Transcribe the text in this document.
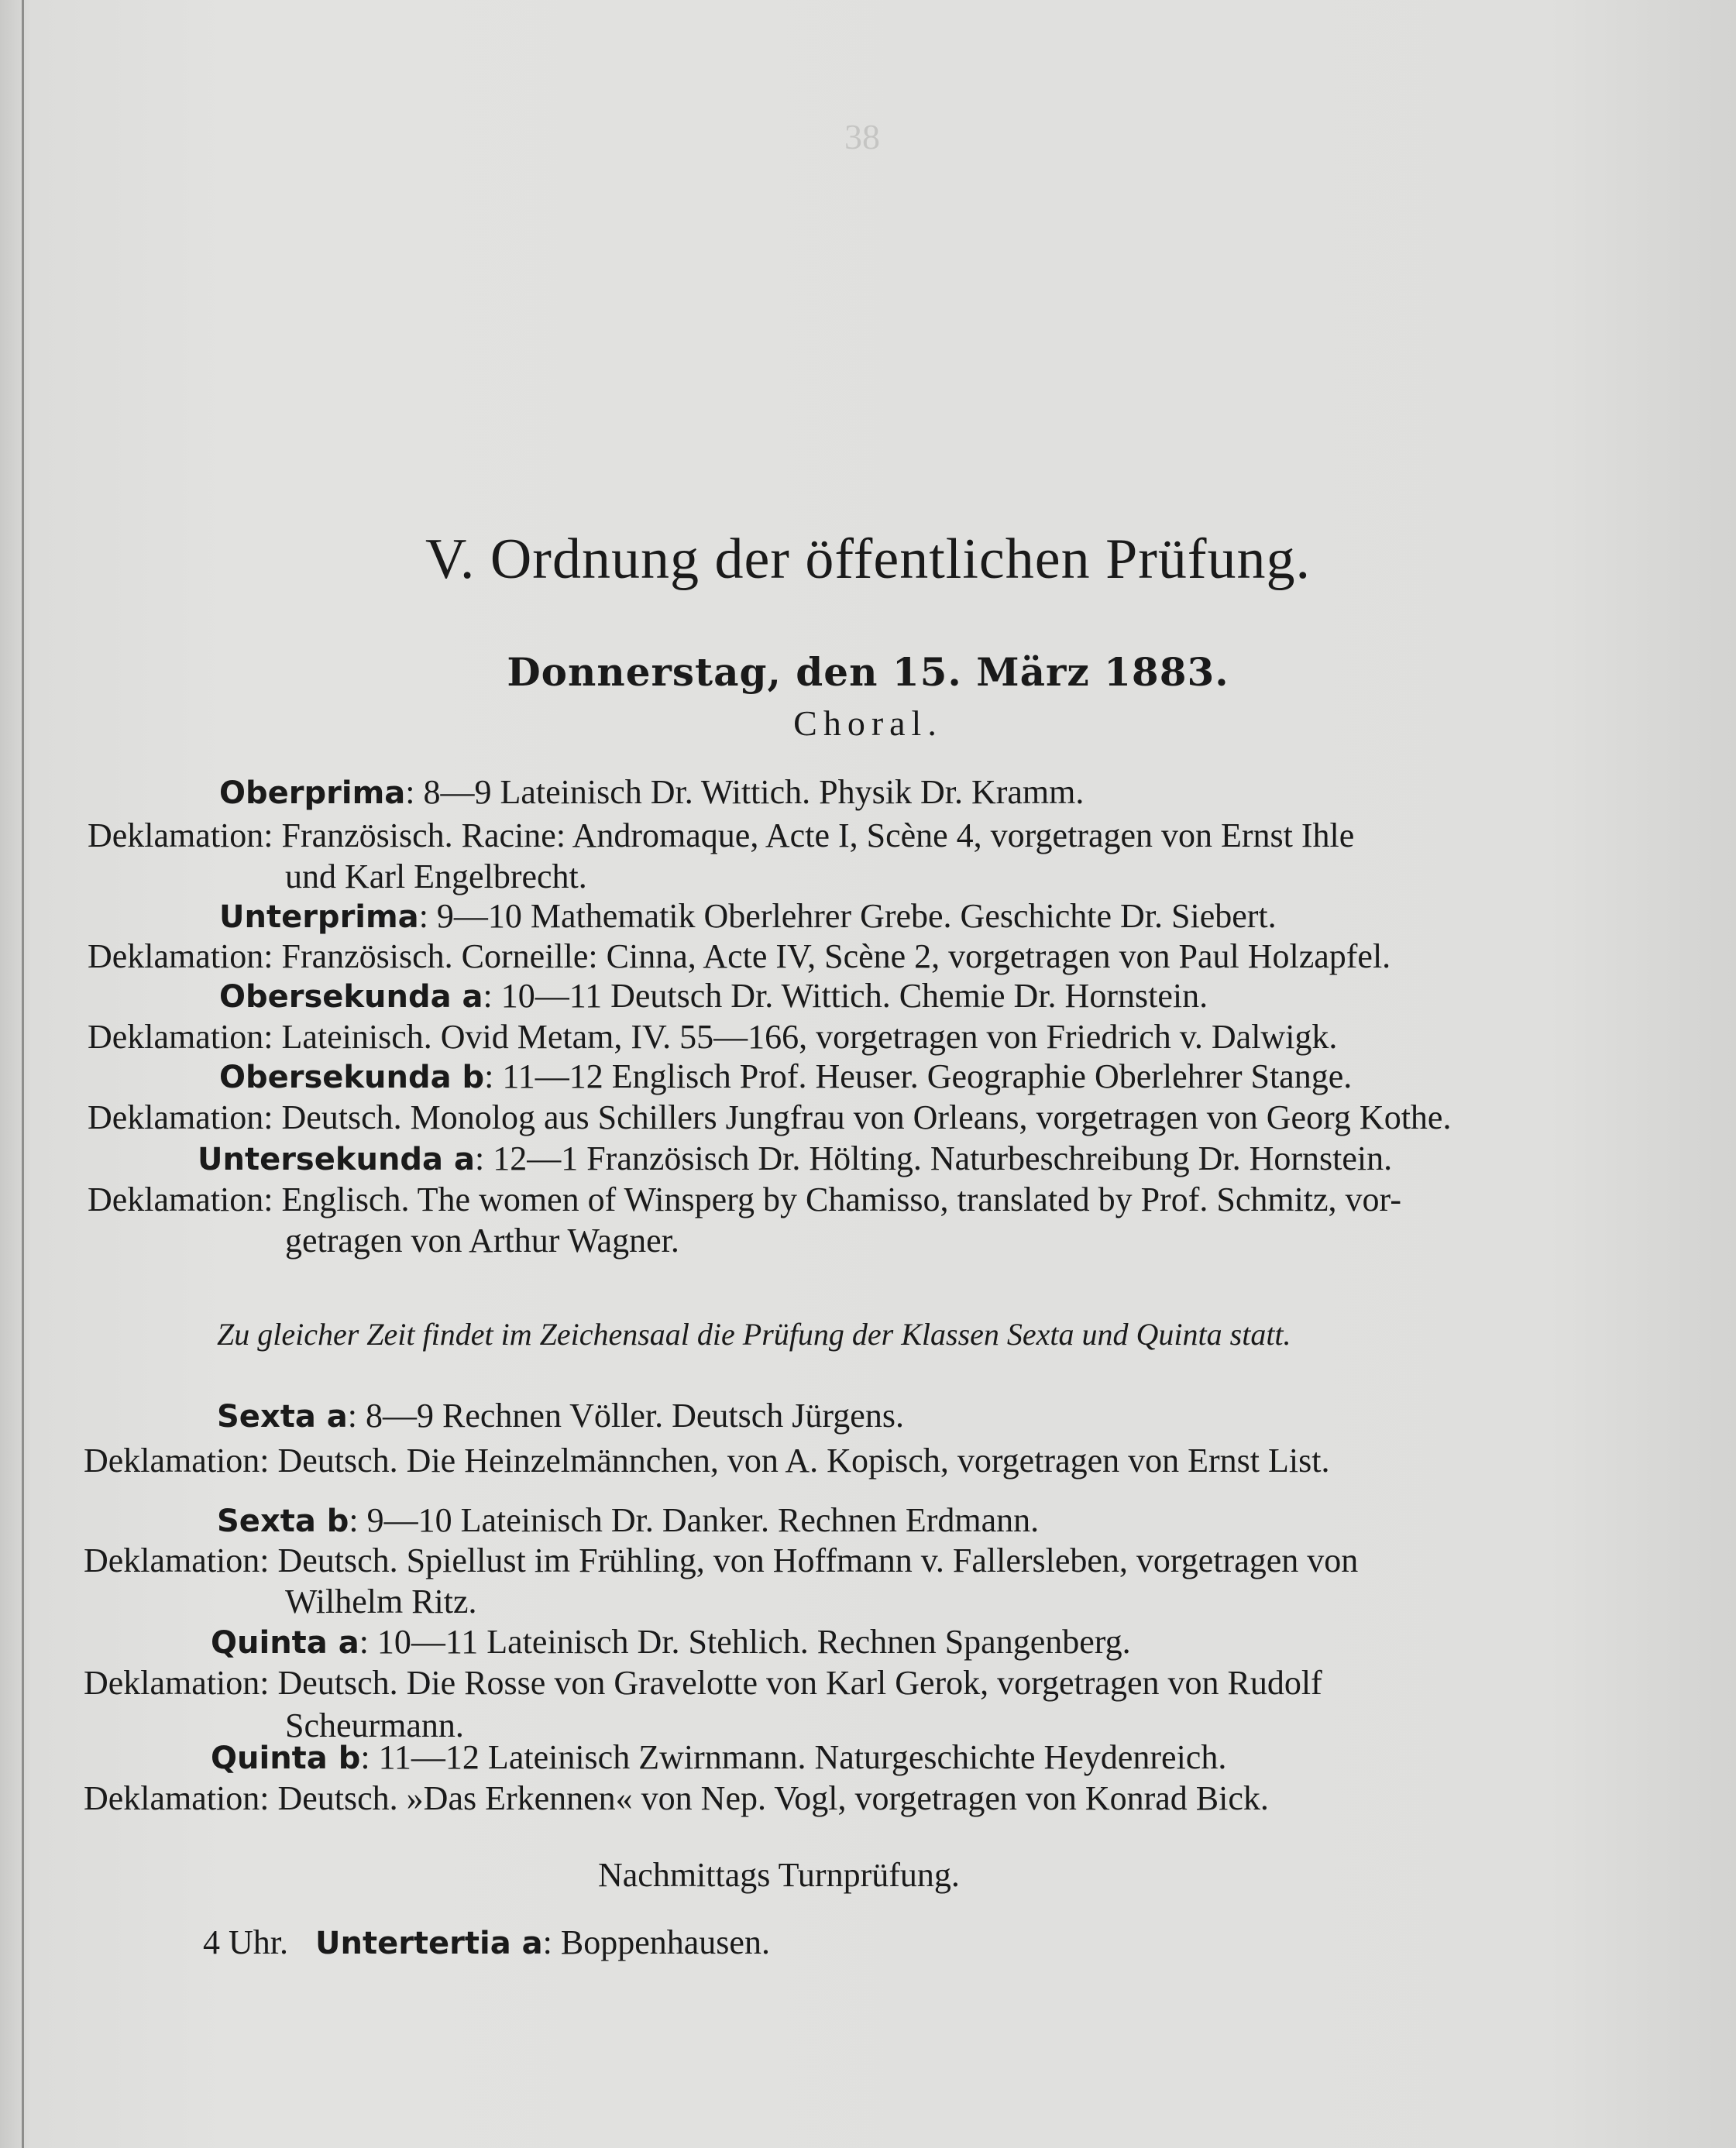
38
V. Ordnung der öffentlichen Prüfung.
Donnerstag, den 15. März 1883.
Choral.
Oberprima: 8—9 Lateinisch Dr. Wittich. Physik Dr. Kramm.
Deklamation: Französisch. Racine: Andromaque, Acte I, Scène 4, vorgetragen von Ernst Ihle
und Karl Engelbrecht.
Unterprima: 9—10 Mathematik Oberlehrer Grebe. Geschichte Dr. Siebert.
Deklamation: Französisch. Corneille: Cinna, Acte IV, Scène 2, vorgetragen von Paul Holzapfel.
Obersekunda a: 10—11 Deutsch Dr. Wittich. Chemie Dr. Hornstein.
Deklamation: Lateinisch. Ovid Metam, IV. 55—166, vorgetragen von Friedrich v. Dalwigk.
Obersekunda b: 11—12 Englisch Prof. Heuser. Geographie Oberlehrer Stange.
Deklamation: Deutsch. Monolog aus Schillers Jungfrau von Orleans, vorgetragen von Georg Kothe.
Untersekunda a: 12—1 Französisch Dr. Hölting. Naturbeschreibung Dr. Hornstein.
Deklamation: Englisch. The women of Winsperg by Chamisso, translated by Prof. Schmitz, vor-
getragen von Arthur Wagner.
Zu gleicher Zeit findet im Zeichensaal die Prüfung der Klassen Sexta und Quinta statt.
Sexta a: 8—9 Rechnen Völler. Deutsch Jürgens.
Deklamation: Deutsch. Die Heinzelmännchen, von A. Kopisch, vorgetragen von Ernst List.
Sexta b: 9—10 Lateinisch Dr. Danker. Rechnen Erdmann.
Deklamation: Deutsch. Spiellust im Frühling, von Hoffmann v. Fallersleben, vorgetragen von
Wilhelm Ritz.
Quinta a: 10—11 Lateinisch Dr. Stehlich. Rechnen Spangenberg.
Deklamation: Deutsch. Die Rosse von Gravelotte von Karl Gerok, vorgetragen von Rudolf
Scheurmann.
Quinta b: 11—12 Lateinisch Zwirnmann. Naturgeschichte Heydenreich.
Deklamation: Deutsch. »Das Erkennen« von Nep. Vogl, vorgetragen von Konrad Bick.
Nachmittags Turnprüfung.
4 Uhr. Untertertia a: Boppenhausen.
